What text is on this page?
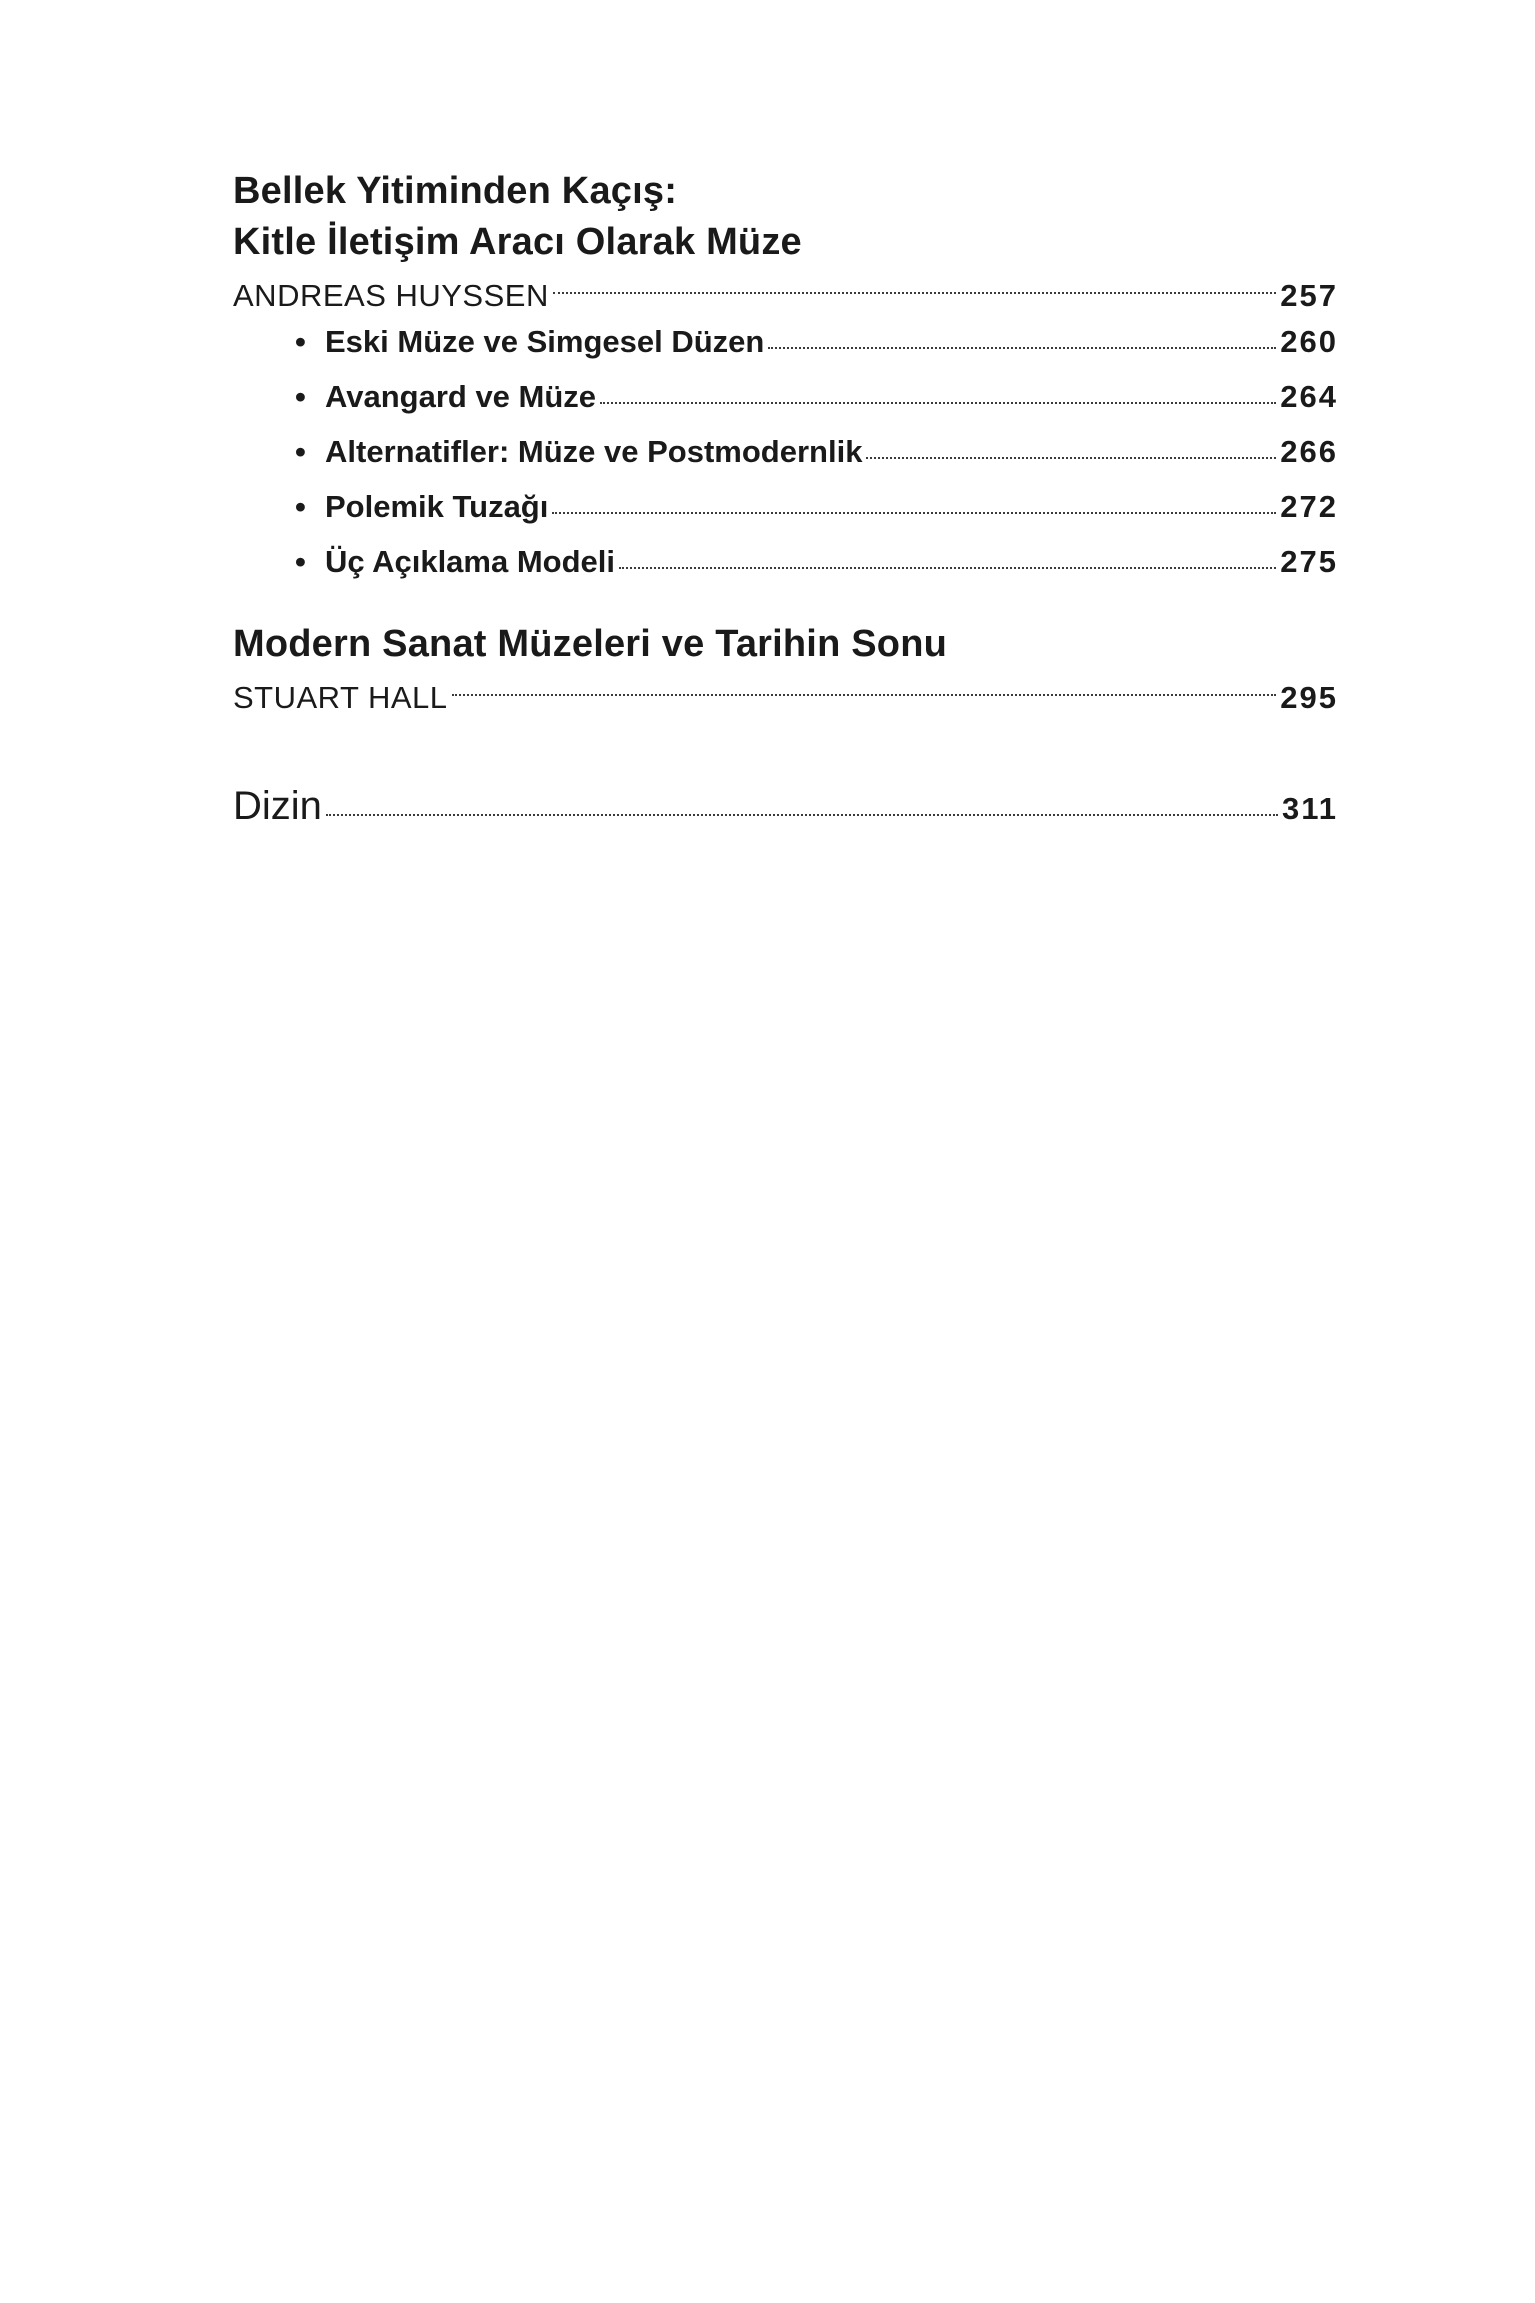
Bellek Yitiminden Kaçış:
Kitle İletişim Aracı Olarak Müze
ANDREAS HUYSSEN	257
• Eski Müze ve Simgesel Düzen	260
• Avangard ve Müze	264
• Alternatifler: Müze ve Postmodernlik	266
• Polemik Tuzağı	272
• Üç Açıklama Modeli	275
Modern Sanat Müzeleri ve Tarihin Sonu
STUART HALL	295
Dizin	311
